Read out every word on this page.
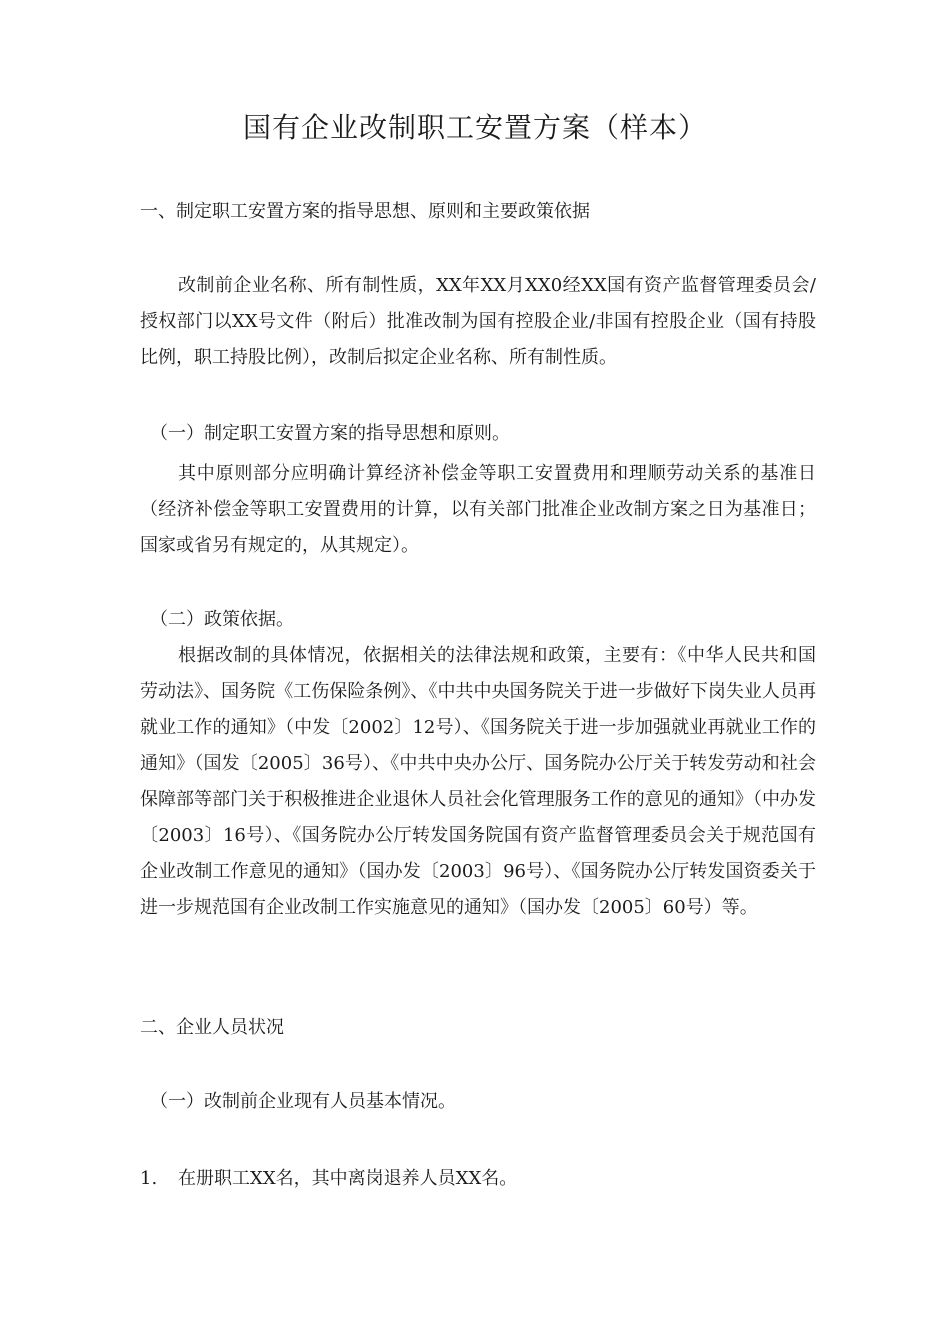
国有企业改制职工安置方案（样本）
一、制定职工安置方案的指导思想、原则和主要政策依据
改制前企业名称、所有制性质，XX年XX月XX0经XX国有资产监督管理委员会/授权部门以XX号文件（附后）批准改制为国有控股企业/非国有控股企业（国有持股比例，职工持股比例），改制后拟定企业名称、所有制性质。
（一）制定职工安置方案的指导思想和原则。
其中原则部分应明确计算经济补偿金等职工安置费用和理顺劳动关系的基准日（经济补偿金等职工安置费用的计算，以有关部门批准企业改制方案之日为基准日；国家或省另有规定的，从其规定）。
（二）政策依据。
根据改制的具体情况，依据相关的法律法规和政策，主要有：《中华人民共和国劳动法》、国务院《工伤保险条例》、《中共中央国务院关于进一步做好下岗失业人员再就业工作的通知》（中发〔2002〕12号）、《国务院关于进一步加强就业再就业工作的通知》（国发〔2005〕36号）、《中共中央办公厅、国务院办公厅关于转发劳动和社会保障部等部门关于积极推进企业退休人员社会化管理服务工作的意见的通知》（中办发〔2003〕16号）、《国务院办公厅转发国务院国有资产监督管理委员会关于规范国有企业改制工作意见的通知》（国办发〔2003〕96号）、《国务院办公厅转发国资委关于进一步规范国有企业改制工作实施意见的通知》（国办发〔2005〕60号）等。
二、企业人员状况
（一）改制前企业现有人员基本情况。
1. 在册职工XX名，其中离岗退养人员XX名。
